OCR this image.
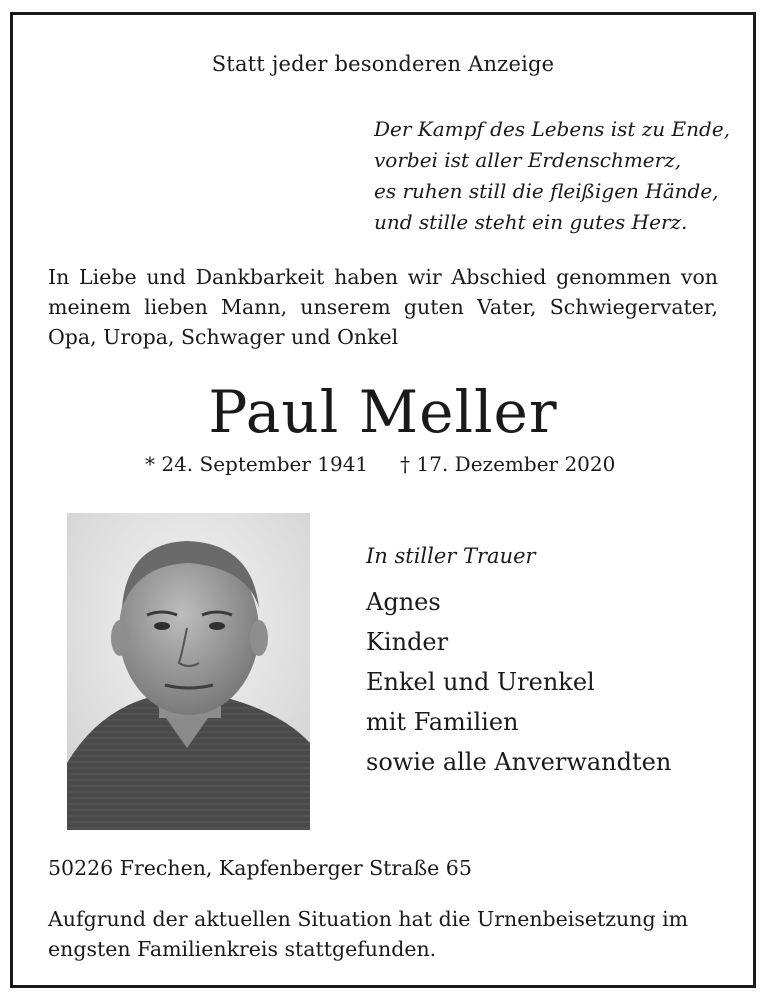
Statt jeder besonderen Anzeige
Der Kampf des Lebens ist zu Ende,
vorbei ist aller Erdenschmerz,
es ruhen still die fleißigen Hände,
und stille steht ein gutes Herz.
In Liebe und Dankbarkeit haben wir Abschied genommen von
meinem lieben Mann, unserem guten Vater, Schwiegervater,
Opa, Uropa, Schwager und Onkel
Paul Meller
* 24. September 1941 † 17. Dezember 2020
In stiller Trauer
Agnes
Kinder
Enkel und Urenkel
mit Familien
sowie alle Anverwandten
50226 Frechen, Kapfenberger Straße 65
Aufgrund der aktuellen Situation hat die Urnenbeisetzung im engsten Familienkreis stattgefunden.
